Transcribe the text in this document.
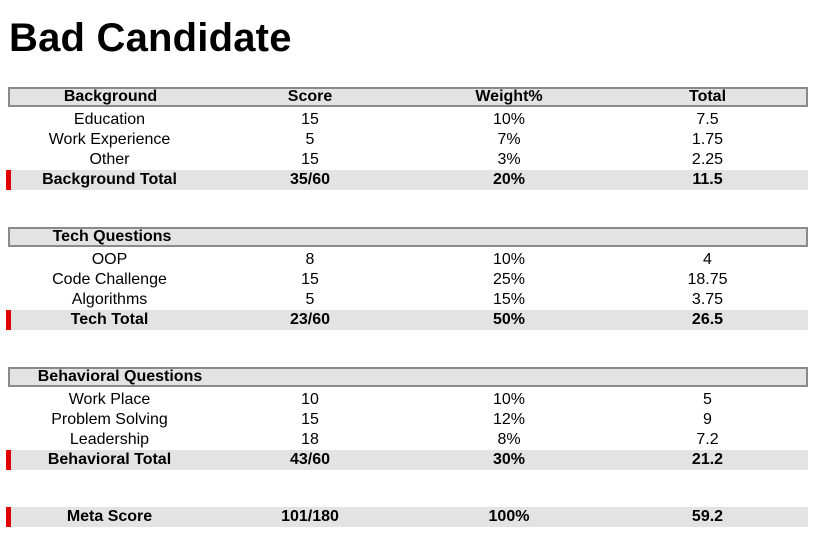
Bad Candidate
Background	Score	Weight%	Total
Education	15	10%	7.5
Work Experience	5	7%	1.75
Other	15	3%	2.25
Background Total	35/60	20%	11.5
Tech Questions
OOP	8	10%	4
Code Challenge	15	25%	18.75
Algorithms	5	15%	3.75
Tech Total	23/60	50%	26.5
Behavioral Questions
Work Place	10	10%	5
Problem Solving	15	12%	9
Leadership	18	8%	7.2
Behavioral Total	43/60	30%	21.2
Meta Score	101/180	100%	59.2
